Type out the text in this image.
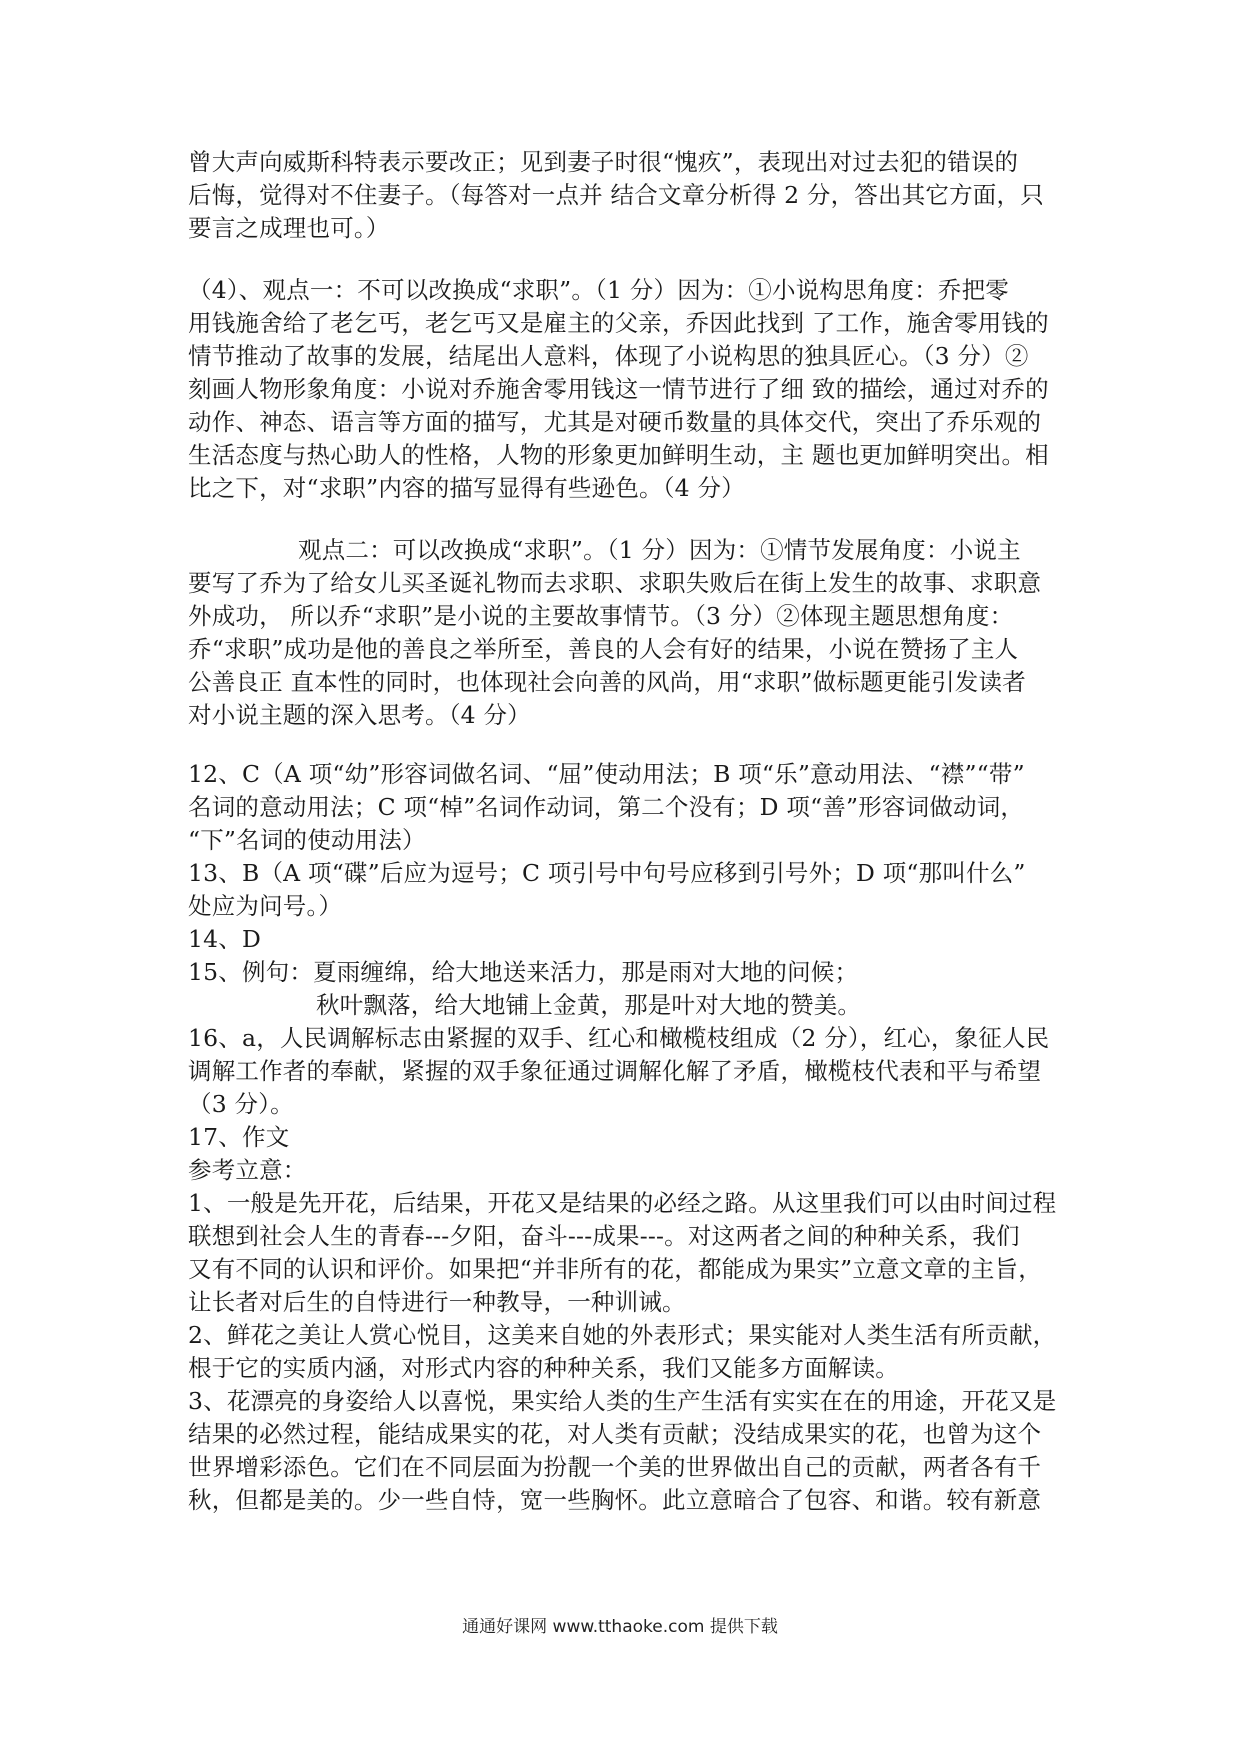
曾大声向威斯科特表示要改正；见到妻子时很“愧疚”，表现出对过去犯的错误的
后悔，觉得对不住妻子。（每答对一点并 结合文章分析得 2 分，答出其它方面，只
要言之成理也可。）
（4）、观点一：不可以改换成“求职”。（1 分）因为：①小说构思角度：乔把零
用钱施舍给了老乞丐，老乞丐又是雇主的父亲，乔因此找到 了工作，施舍零用钱的
情节推动了故事的发展，结尾出人意料，体现了小说构思的独具匠心。（3 分）②
刻画人物形象角度：小说对乔施舍零用钱这一情节进行了细 致的描绘，通过对乔的
动作、神态、语言等方面的描写，尤其是对硬币数量的具体交代，突出了乔乐观的
生活态度与热心助人的性格，人物的形象更加鲜明生动，主 题也更加鲜明突出。相
比之下，对“求职”内容的描写显得有些逊色。（4 分）
观点二：可以改换成“求职”。（1 分）因为：①情节发展角度：小说主
要写了乔为了给女儿买圣诞礼物而去求职、求职失败后在街上发生的故事、求职意
外成功， 所以乔“求职”是小说的主要故事情节。（3 分）②体现主题思想角度：
乔“求职”成功是他的善良之举所至，善良的人会有好的结果，小说在赞扬了主人
公善良正 直本性的同时，也体现社会向善的风尚，用“求职”做标题更能引发读者
对小说主题的深入思考。（4 分）
12、C（A 项“幼”形容词做名词、“屈”使动用法；B 项“乐”意动用法、“襟”“带”
名词的意动用法；C 项“棹”名词作动词，第二个没有；D 项“善”形容词做动词，
“下”名词的使动用法）
13、B（A 项“碟”后应为逗号；C 项引号中句号应移到引号外；D 项“那叫什么”
处应为问号。）
14、D
15、例句：夏雨缠绵，给大地送来活力，那是雨对大地的问候；
秋叶飘落，给大地铺上金黄，那是叶对大地的赞美。
16、a，人民调解标志由紧握的双手、红心和橄榄枝组成（2 分），红心，象征人民
调解工作者的奉献，紧握的双手象征通过调解化解了矛盾，橄榄枝代表和平与希望
（3 分）。
17、作文
参考立意：
1、一般是先开花，后结果，开花又是结果的必经之路。从这里我们可以由时间过程
联想到社会人生的青春---夕阳，奋斗---成果---。对这两者之间的种种关系，我们
又有不同的认识和评价。如果把“并非所有的花，都能成为果实”立意文章的主旨，
让长者对后生的自恃进行一种教导，一种训诫。
2、鲜花之美让人赏心悦目，这美来自她的外表形式；果实能对人类生活有所贡献，
根于它的实质内涵，对形式内容的种种关系，我们又能多方面解读。
3、花漂亮的身姿给人以喜悦，果实给人类的生产生活有实实在在的用途，开花又是
结果的必然过程，能结成果实的花，对人类有贡献；没结成果实的花，也曾为这个
世界增彩添色。它们在不同层面为扮靓一个美的世界做出自己的贡献，两者各有千
秋，但都是美的。少一些自恃，宽一些胸怀。此立意暗合了包容、和谐。较有新意
通通好课网 www.tthaoke.com 提供下载
